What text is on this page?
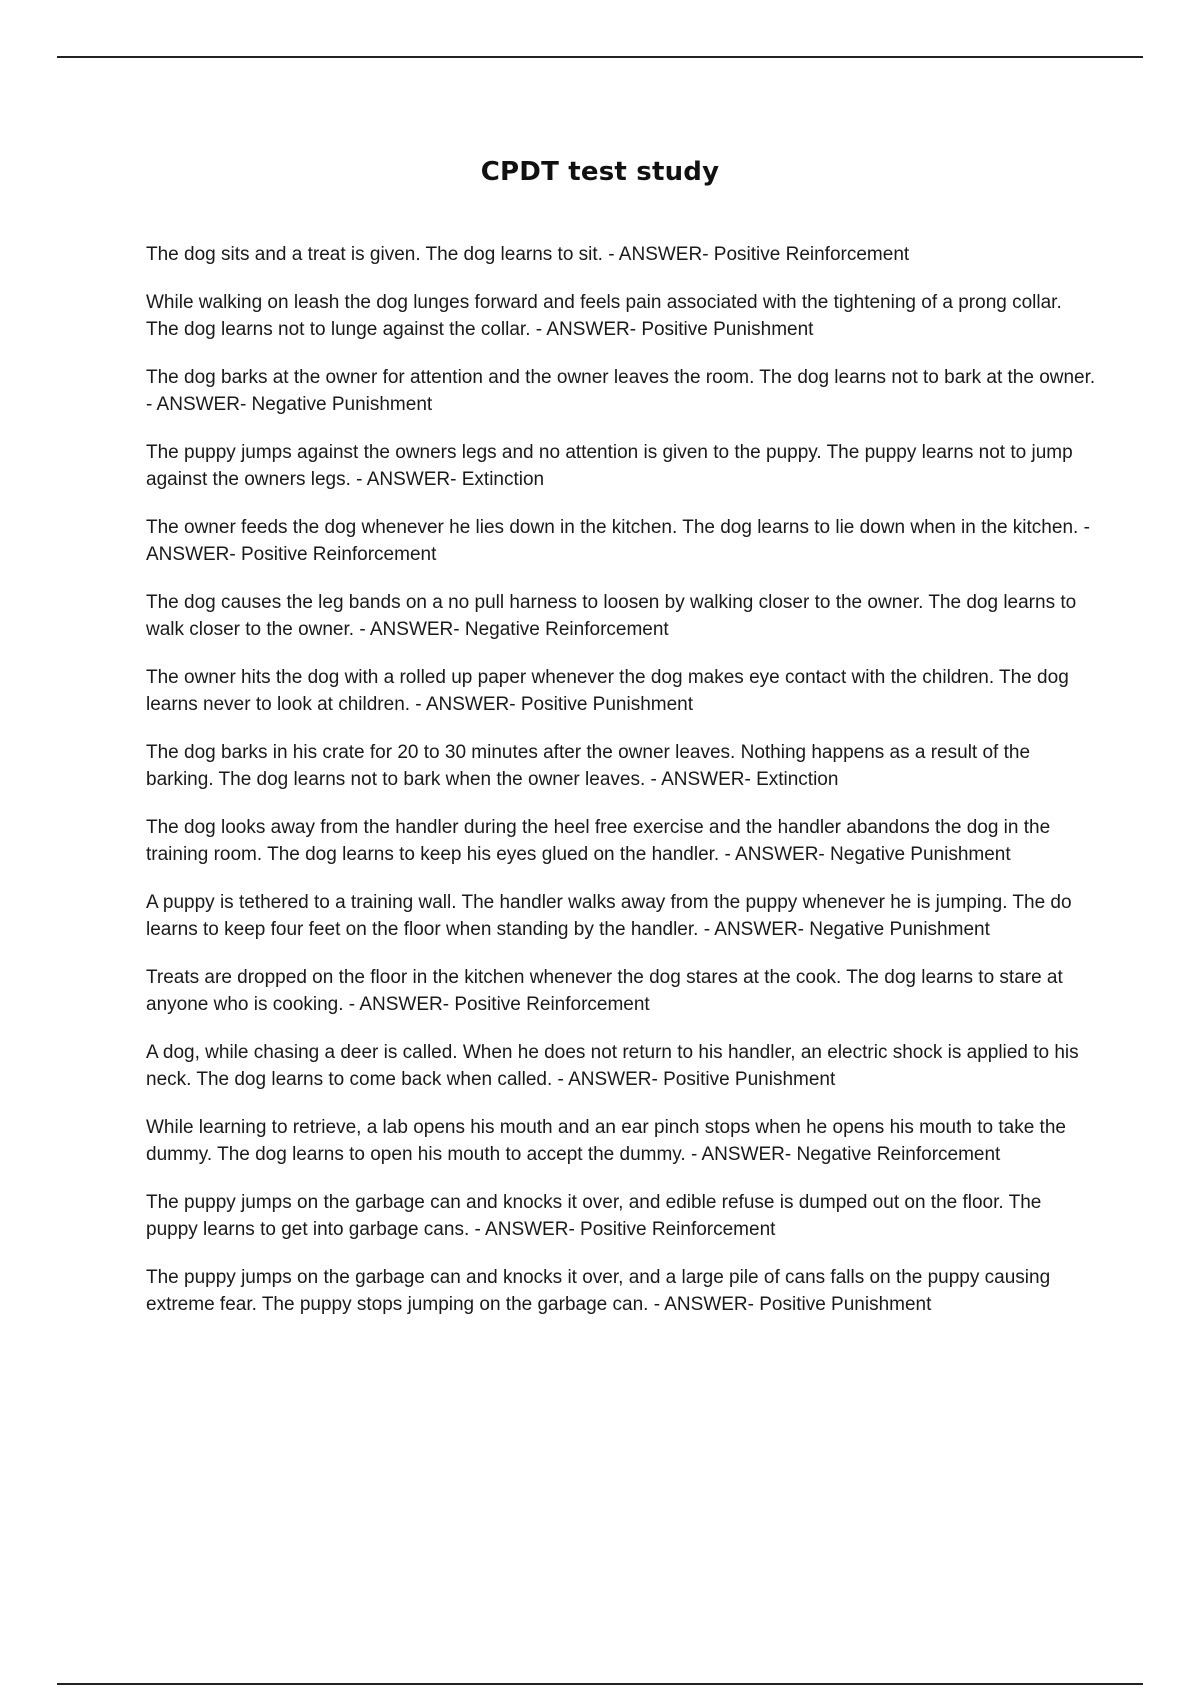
CPDT test study
The dog sits and a treat is given. The dog learns to sit. - ANSWER- Positive Reinforcement
While walking on leash the dog lunges forward and feels pain associated with the tightening of a prong collar. The dog learns not to lunge against the collar. - ANSWER- Positive Punishment
The dog barks at the owner for attention and the owner leaves the room. The dog learns not to bark at the owner. - ANSWER- Negative Punishment
The puppy jumps against the owners legs and no attention is given to the puppy. The puppy learns not to jump against the owners legs. - ANSWER- Extinction
The owner feeds the dog whenever he lies down in the kitchen. The dog learns to lie down when in the kitchen. - ANSWER- Positive Reinforcement
The dog causes the leg bands on a no pull harness to loosen by walking closer to the owner. The dog learns to walk closer to the owner. - ANSWER- Negative Reinforcement
The owner hits the dog with a rolled up paper whenever the dog makes eye contact with the children. The dog learns never to look at children. - ANSWER- Positive Punishment
The dog barks in his crate for 20 to 30 minutes after the owner leaves. Nothing happens as a result of the barking. The dog learns not to bark when the owner leaves. - ANSWER- Extinction
The dog looks away from the handler during the heel free exercise and the handler abandons the dog in the training room. The dog learns to keep his eyes glued on the handler. - ANSWER- Negative Punishment
A puppy is tethered to a training wall. The handler walks away from the puppy whenever he is jumping. The do learns to keep four feet on the floor when standing by the handler. - ANSWER- Negative Punishment
Treats are dropped on the floor in the kitchen whenever the dog stares at the cook. The dog learns to stare at anyone who is cooking. - ANSWER- Positive Reinforcement
A dog, while chasing a deer is called. When he does not return to his handler, an electric shock is applied to his neck. The dog learns to come back when called. - ANSWER- Positive Punishment
While learning to retrieve, a lab opens his mouth and an ear pinch stops when he opens his mouth to take the dummy. The dog learns to open his mouth to accept the dummy. - ANSWER- Negative Reinforcement
The puppy jumps on the garbage can and knocks it over, and edible refuse is dumped out on the floor. The puppy learns to get into garbage cans. - ANSWER- Positive Reinforcement
The puppy jumps on the garbage can and knocks it over, and a large pile of cans falls on the puppy causing extreme fear. The puppy stops jumping on the garbage can. - ANSWER- Positive Punishment
